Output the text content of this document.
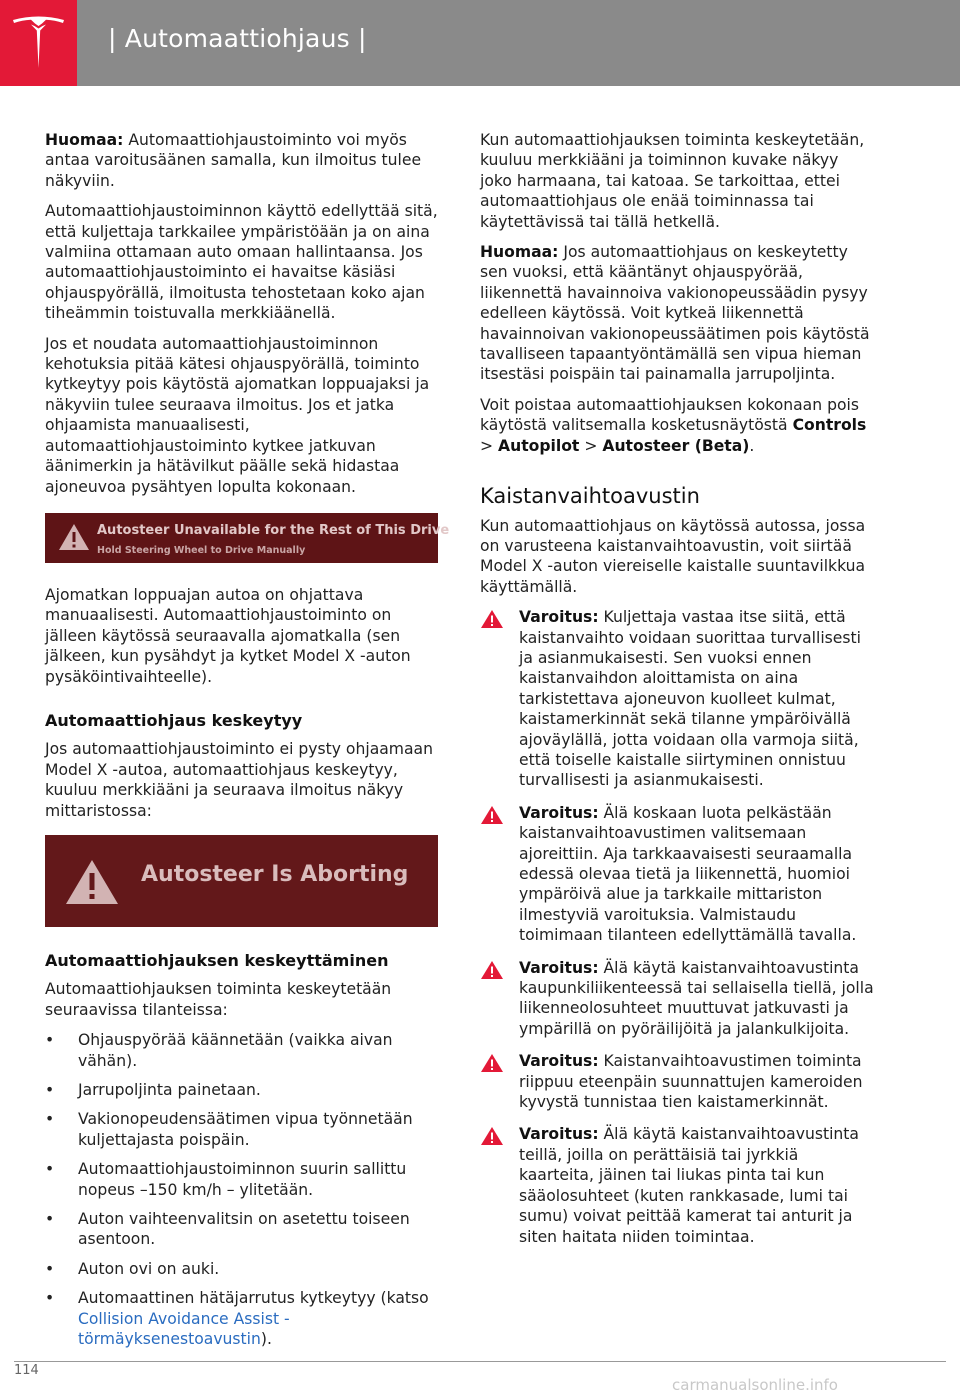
| Automaattiohjaus |

Huomaa: Automaattiohjaustoiminto voi myös antaa varoitusäänen samalla, kun ilmoitus tulee näkyviin.

Automaattiohjaustoiminnon käyttö edellyttää sitä, että kuljettaja tarkkailee ympäristöään ja on aina valmiina ottamaan auto omaan hallintaansa. Jos automaattiohjaustoiminto ei havaitse käsiäsi ohjauspyörällä, ilmoitusta tehostetaan koko ajan tiheämmin toistuvalla merkkiäänellä.

Jos et noudata automaattiohjaustoiminnon kehotuksia pitää kätesi ohjauspyörällä, toiminto kytkeytyy pois käytöstä ajomatkan loppuajaksi ja näkyviin tulee seuraava ilmoitus. Jos et jatka ohjaamista manuaalisesti, automaattiohjaustoiminto kytkee jatkuvan äänimerkin ja hätävilkut päälle sekä hidastaa ajoneuvoa pysähtyen lopulta kokonaan.

Autosteer Unavailable for the Rest of This Drive
Hold Steering Wheel to Drive Manually

Ajomatkan loppuajan autoa on ohjattava manuaalisesti. Automaattiohjaustoiminto on jälleen käytössä seuraavalla ajomatkalla (sen jälkeen, kun pysähdyt ja kytket Model X -auton pysäköintivaihteelle).

Automaattiohjaus keskeytyy

Jos automaattiohjaustoiminto ei pysty ohjaamaan Model X -autoa, automaattiohjaus keskeytyy, kuuluu merkkiääni ja seuraava ilmoitus näkyy mittaristossa:

Autosteer Is Aborting
Automaattiohjauksen keskeyttäminen

Automaattiohjauksen toiminta keskeytetään seuraavissa tilanteissa:

• Ohjauspyörää käännetään (vaikka aivan vähän).
• Jarrupoljinta painetaan.
• Vakionopeudensäätimen vipua työnnetään kuljettajasta poispäin.
• Automaattiohjaustoiminnon suurin sallittu nopeus –150 km/h – ylitetään.
• Auton vaihteenvalitsin on asetettu toiseen asentoon.
• Auton ovi on auki.
• Automaattinen hätäjarrutus kytkeytyy (katso Collision Avoidance Assist - törmäyksenestoavustin).

Kun automaattiohjauksen toiminta keskeytetään, kuuluu merkkiääni ja toiminnon kuvake näkyy joko harmaana, tai katoaa. Se tarkoittaa, ettei automaattiohjaus ole enää toiminnassa tai käytettävissä tai tällä hetkellä.

Huomaa: Jos automaattiohjaus on keskeytetty sen vuoksi, että kääntänyt ohjauspyörää, liikennettä havainnoiva vakionopeussäädin pysyy edelleen käytössä. Voit kytkeä liikennettä havainnoivan vakionopeussäätimen pois käytöstä tavalliseen tapaantyöntämällä sen vipua hieman itsestäsi poispäin tai painamalla jarrupoljinta.

Voit poistaa automaattiohjauksen kokonaan pois käytöstä valitsemalla kosketusnäytöstä Controls > Autopilot > Autosteer (Beta).

Kaistanvaihtoavustin

Kun automaattiohjaus on käytössä autossa, jossa on varusteena kaistanvaihtoavustin, voit siirtää Model X -auton viereiselle kaistalle suuntavilkkua käyttämällä.

Varoitus: Kuljettaja vastaa itse siitä, että kaistanvaihto voidaan suorittaa turvallisesti ja asianmukaisesti. Sen vuoksi ennen kaistanvaihdon aloittamista on aina tarkistettava ajoneuvon kuolleet kulmat, kaistamerkinnät sekä tilanne ympäröivällä ajoväylällä, jotta voidaan olla varmoja siitä, että toiselle kaistalle siirtyminen onnistuu turvallisesti ja asianmukaisesti.
Varoitus: Älä koskaan luota pelkästään kaistanvaihtoavustimen valitsemaan ajoreittiin. Aja tarkkaavaisesti seuraamalla edessä olevaa tietä ja liikennettä, huomioi ympäröivä alue ja tarkkaile mittariston ilmestyviä varoituksia. Valmistaudu toimimaan tilanteen edellyttämällä tavalla.
Varoitus: Älä käytä kaistanvaihtoavustinta kaupunkiliikenteessä tai sellaisella tiellä, jolla liikenneolosuhteet muuttuvat jatkuvasti ja ympärillä on pyöräilijöitä ja jalankulkijoita.
Varoitus: Kaistanvaihtoavustimen toiminta riippuu eteenpäin suunnattujen kameroiden kyvystä tunnistaa tien kaistamerkinnät.
Varoitus: Älä käytä kaistanvaihtoavustinta teillä, joilla on perättäisiä tai jyrkkiä kaarteita, jäinen tai liukas pinta tai kun sääolosuhteet (kuten rankkasade, lumi tai sumu) voivat peittää kamerat tai anturit ja siten haitata niiden toimintaa.
114
carmanualsonline.info
